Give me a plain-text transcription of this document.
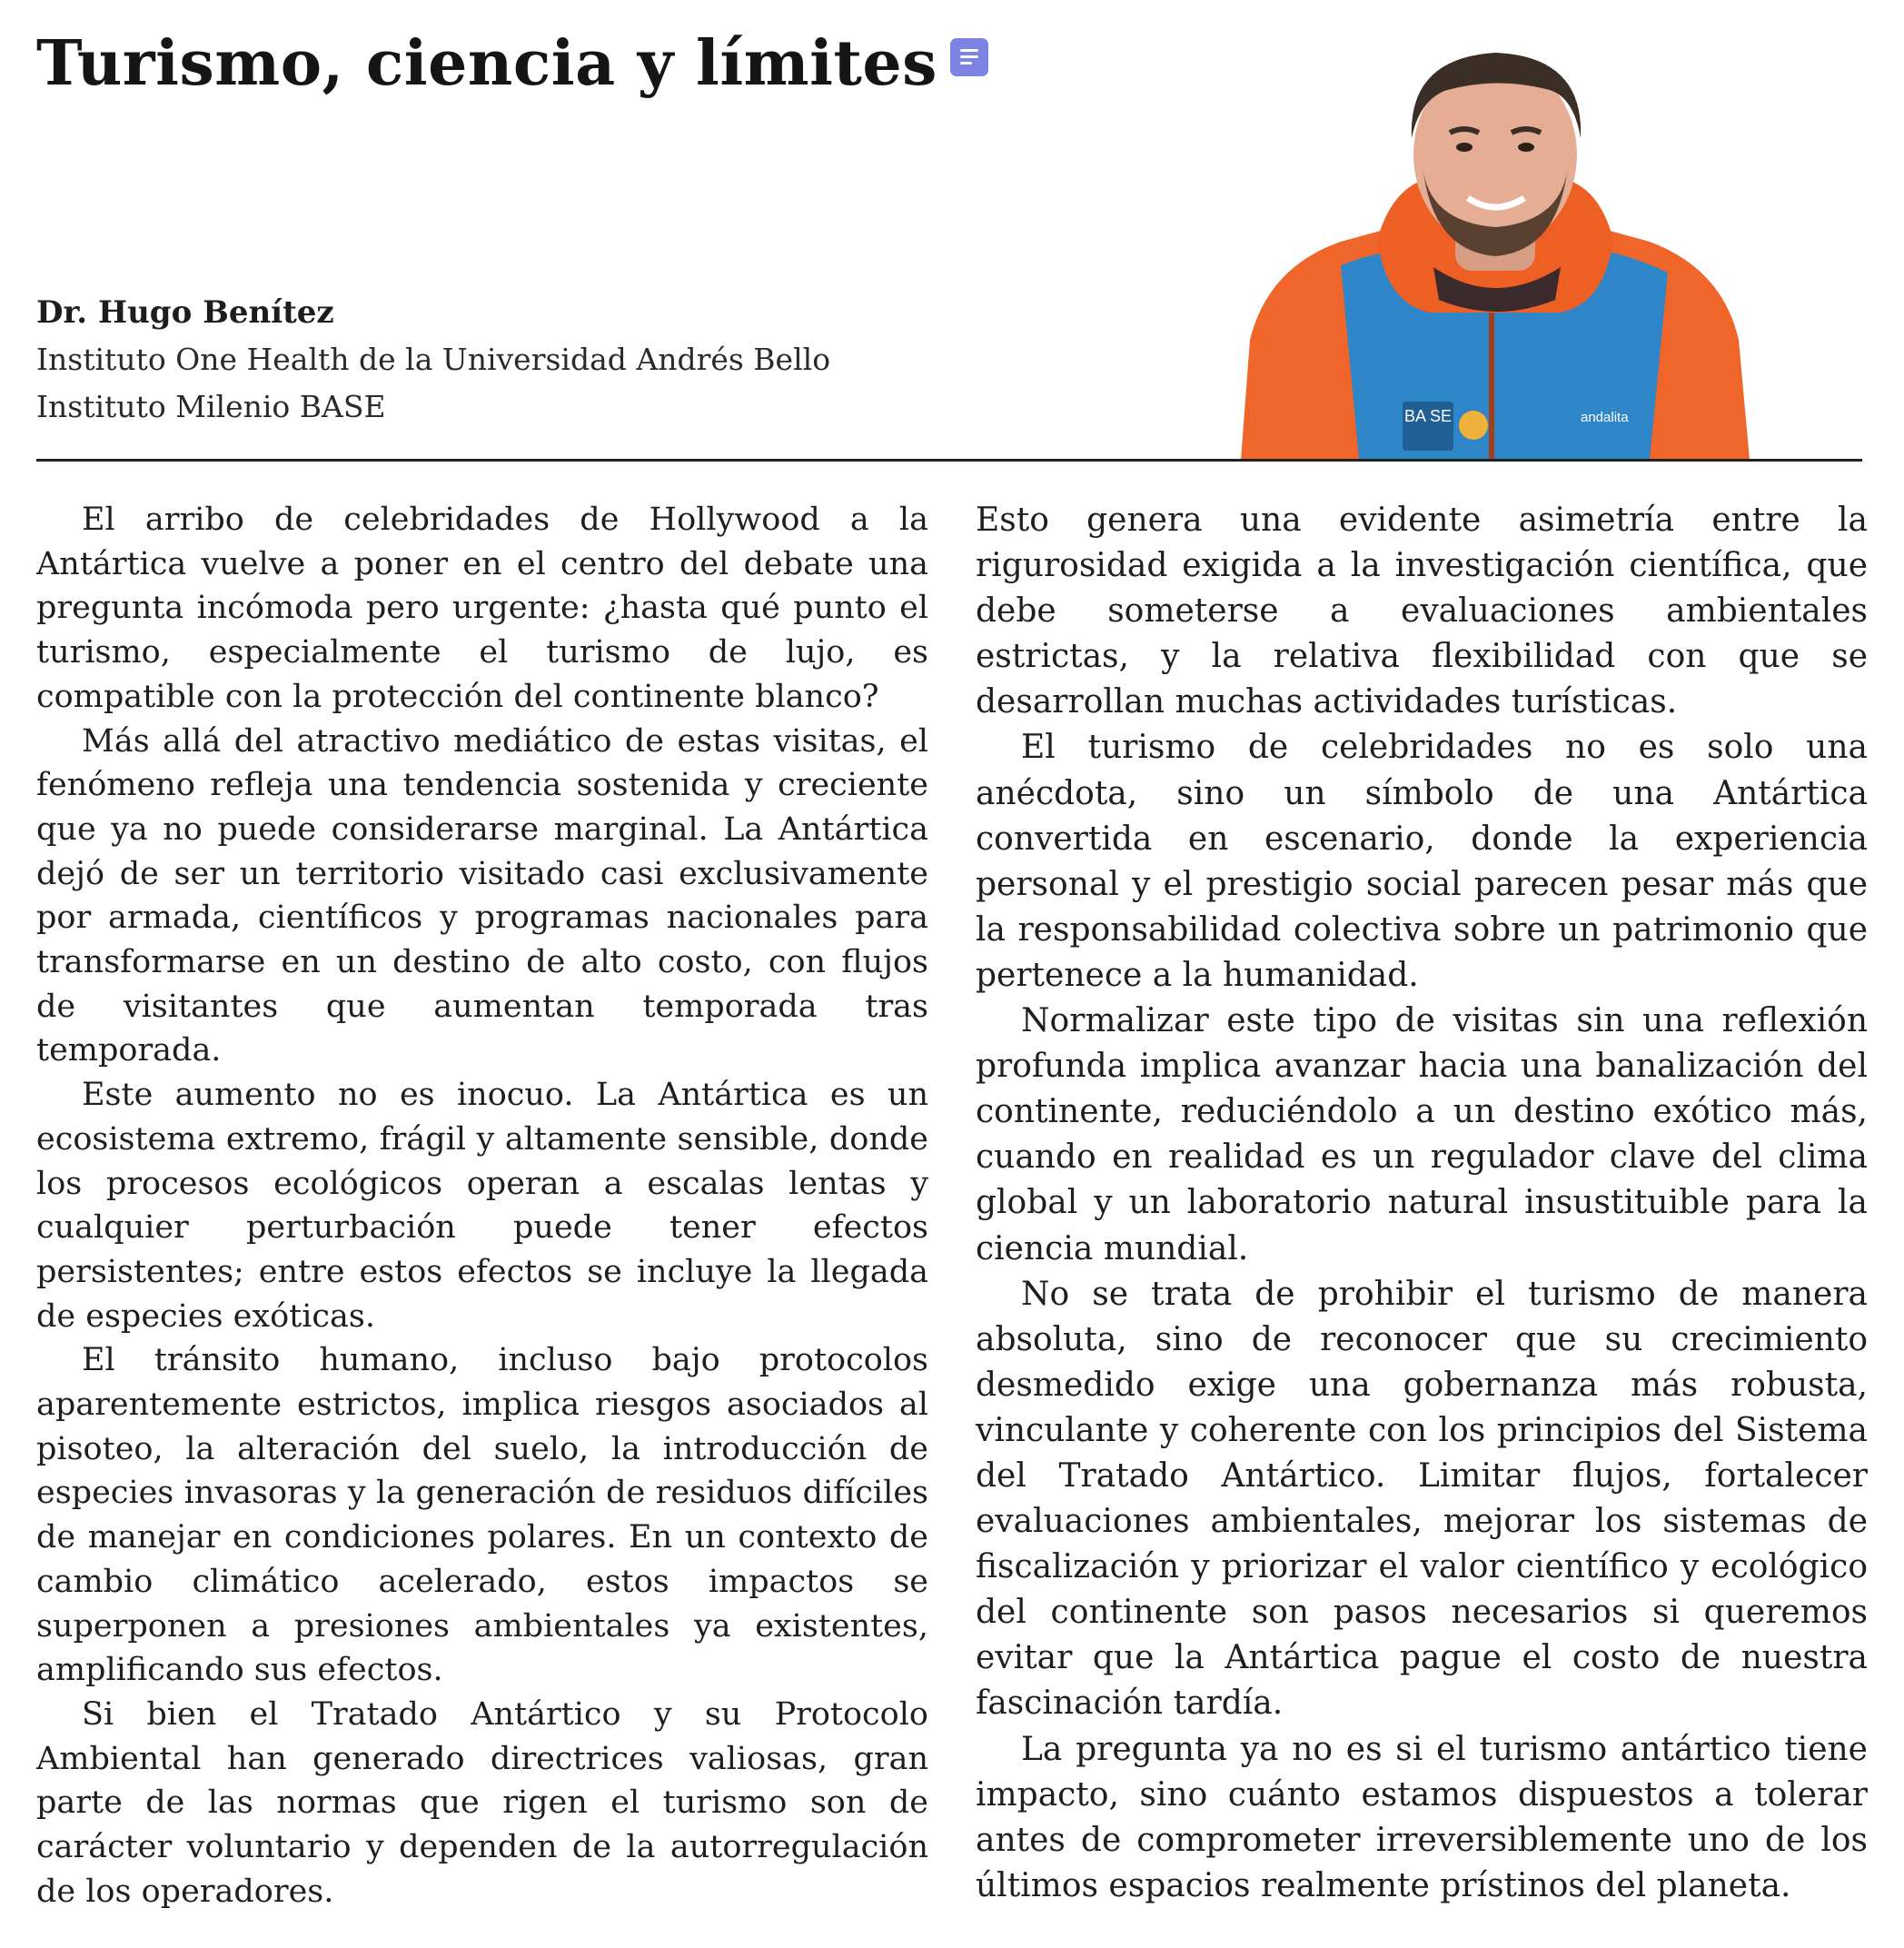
Turismo, ciencia y límites
Dr. Hugo Benítez
Instituto One Health de la Universidad Andrés Bello
Instituto Milenio BASE	BA SE	andalita

El arribo de celebridades de Hollywood a la Antártica vuelve a poner en el centro del debate una pregunta incómoda pero urgente: ¿hasta qué punto el turismo, especialmente el turismo de lujo, es compatible con la protección del continente blanco?

Más allá del atractivo mediático de estas visitas, el fenómeno refleja una tendencia sostenida y creciente que ya no puede considerarse marginal. La Antártica dejó de ser un territorio visitado casi exclusivamente por armada, científicos y programas nacionales para transformarse en un destino de alto costo, con flujos de visitantes que aumentan temporada tras temporada.

Este aumento no es inocuo. La Antártica es un ecosistema extremo, frágil y altamente sensible, donde los procesos ecológicos operan a escalas lentas y cualquier perturbación puede tener efectos persistentes; entre estos efectos se incluye la llegada de especies exóticas.

El tránsito humano, incluso bajo protocolos aparentemente estrictos, implica riesgos asociados al pisoteo, la alteración del suelo, la introducción de especies invasoras y la generación de residuos difíciles de manejar en condiciones polares. En un contexto de cambio climático acelerado, estos impactos se superponen a presiones ambientales ya existentes, amplificando sus efectos.

Si bien el Tratado Antártico y su Protocolo Ambiental han generado directrices valiosas, gran parte de las normas que rigen el turismo son de carácter voluntario y dependen de la autorregulación de los operadores.

Esto genera una evidente asimetría entre la rigurosidad exigida a la investigación científica, que debe someterse a evaluaciones ambientales estrictas, y la relativa flexibilidad con que se desarrollan muchas actividades turísticas.

El turismo de celebridades no es solo una anécdota, sino un símbolo de una Antártica convertida en escenario, donde la experiencia personal y el prestigio social parecen pesar más que la responsabilidad colectiva sobre un patrimonio que pertenece a la humanidad.

Normalizar este tipo de visitas sin una reflexión profunda implica avanzar hacia una banalización del continente, reduciéndolo a un destino exótico más, cuando en realidad es un regulador clave del clima global y un laboratorio natural insustituible para la ciencia mundial.

No se trata de prohibir el turismo de manera absoluta, sino de reconocer que su crecimiento desmedido exige una gobernanza más robusta, vinculante y coherente con los principios del Sistema del Tratado Antártico. Limitar flujos, fortalecer evaluaciones ambientales, mejorar los sistemas de fiscalización y priorizar el valor científico y ecológico del continente son pasos necesarios si queremos evitar que la Antártica pague el costo de nuestra fascinación tardía.

La pregunta ya no es si el turismo antártico tiene impacto, sino cuánto estamos dispuestos a tolerar antes de comprometer irreversiblemente uno de los últimos espacios realmente prístinos del planeta.
